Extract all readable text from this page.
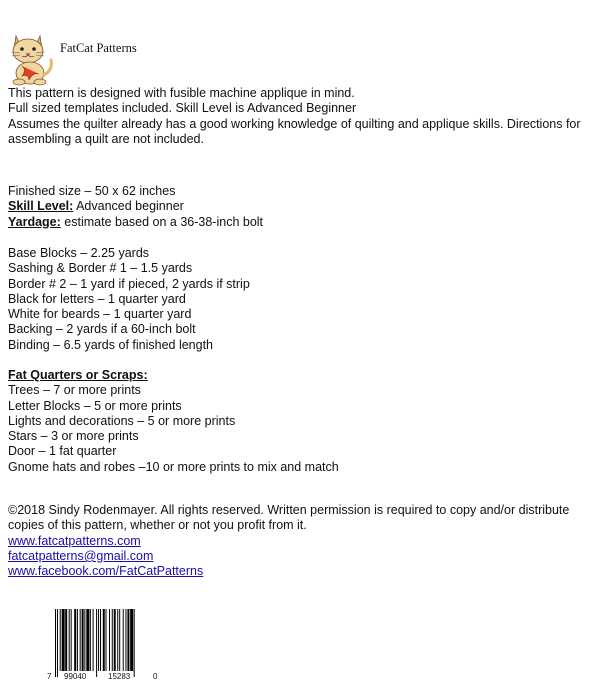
FatCat Patterns

This pattern is designed with fusible machine applique in mind.

Full sized templates included. Skill Level is Advanced Beginner

Assumes the quilter already has a good working knowledge of quilting and applique skills. Directions for assembling a quilt are not included.

Finished size – 50 x 62 inches
Skill Level: Advanced beginner
Yardage: estimate based on a 36-38-inch bolt
Base Blocks – 2.25 yards
Sashing & Border # 1 – 1.5 yards
Border # 2 – 1 yard if pieced, 2 yards if strip
Black for letters – 1 quarter yard
White for beards – 1 quarter yard
Backing – 2 yards if a 60-inch bolt
Binding – 6.5 yards of finished length
Fat Quarters or Scraps:
Trees – 7 or more prints
Letter Blocks – 5 or more prints
Lights and decorations – 5 or more prints
Stars – 3 or more prints
Door – 1 fat quarter
Gnome hats and robes –10 or more prints to mix and match
©2018 Sindy Rodenmayer. All rights reserved. Written permission is required to copy and/or distribute copies of this pattern, whether or not you profit from it.
www.fatcatpatterns.com
fatcatpatterns@gmail.com
www.facebook.com/FatCatPatterns
7 99040	15283	0
